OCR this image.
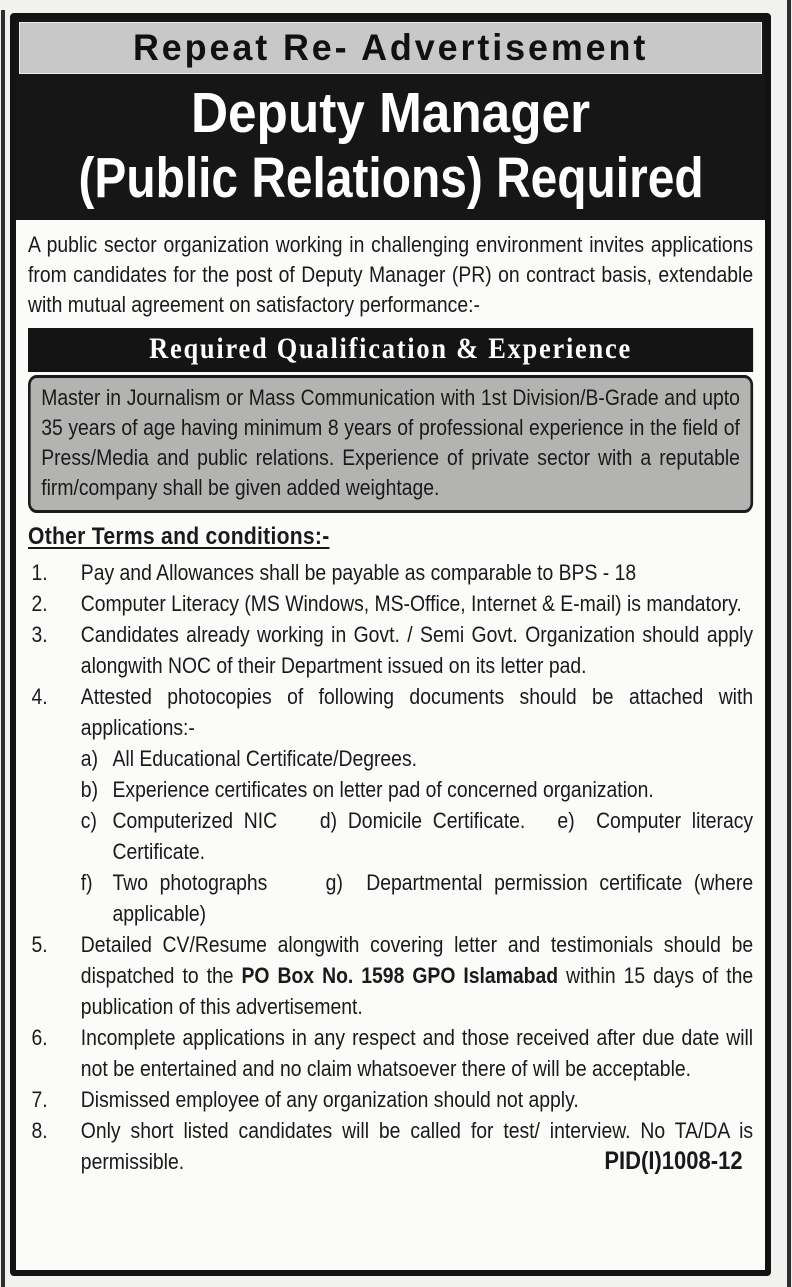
Repeat Re- Advertisement
Deputy Manager
(Public Relations) Required

A public sector organization working in challenging environment invites applications from candidates for the post of Deputy Manager (PR) on contract basis, extendable with mutual agreement on satisfactory performance:-

Required Qualification & Experience
Master in Journalism or Mass Communication with 1st Division/B-Grade and upto 35 years of age having minimum 8 years of professional experience in the field of Press/Media and public relations. Experience of private sector with a reputable firm/company shall be given added weightage.
Other Terms and conditions:-
1.	Pay and Allowances shall be payable as comparable to BPS - 18
2.	Computer Literacy (MS Windows, MS-Office, Internet & E-mail) is mandatory.
3.	Candidates already working in Govt. / Semi Govt. Organization should apply alongwith NOC of their Department issued on its letter pad.
4.	Attested photocopies of following documents should be attached with applications:-
a) All Educational Certificate/Degrees.
b) Experience certificates on letter pad of concerned organization.
c) Computerized NIC    d) Domicile Certificate.   e)  Computer literacy Certificate.
f) Two photographs     g)  Departmental permission certificate (where applicable)
5.	Detailed CV/Resume alongwith covering letter and testimonials should be dispatched to the PO Box No. 1598 GPO Islamabad within 15 days of the publication of this advertisement.
6.	Incomplete applications in any respect and those received after due date will not be entertained and no claim whatsoever there of will be acceptable.
7.	Dismissed employee of any organization should not apply.
8.	Only short listed candidates will be called for test/ interview. No TA/DA is permissible.	PID(I)1008-12
